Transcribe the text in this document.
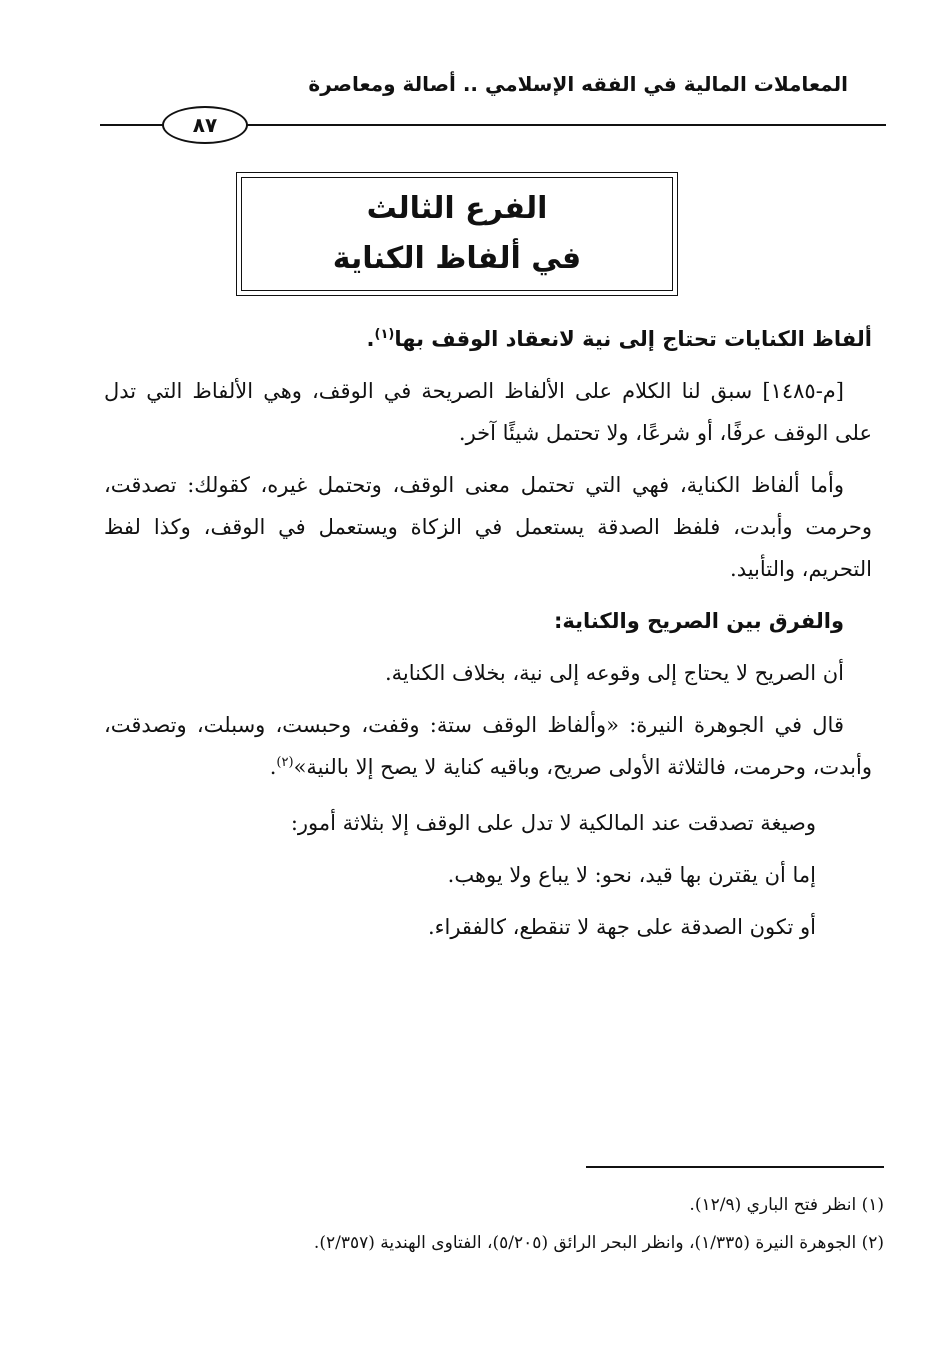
المعاملات المالية في الفقه الإسلامي .. أصالة ومعاصرة
٨٧
الفرع الثالث
في ألفاظ الكناية

ألفاظ الكنايات تحتاج إلى نية لانعقاد الوقف بها$^{(١)}$.

[م-١٤٨٥] سبق لنا الكلام على الألفاظ الصريحة في الوقف، وهي الألفاظ التي تدل على الوقف عرفًا، أو شرعًا، ولا تحتمل شيئًا آخر.

وأما ألفاظ الكناية، فهي التي تحتمل معنى الوقف، وتحتمل غيره، كقولك: تصدقت، وحرمت وأبدت، فلفظ الصدقة يستعمل في الزكاة ويستعمل في الوقف، وكذا لفظ التحريم، والتأبيد.

والفرق بين الصريح والكناية:

أن الصريح لا يحتاج إلى وقوعه إلى نية، بخلاف الكناية.

قال في الجوهرة النيرة: «وألفاظ الوقف ستة: وقفت، وحبست، وسبلت، وتصدقت، وأبدت، وحرمت، فالثلاثة الأولى صريح، وباقيه كناية لا يصح إلا بالنية»$^{(٢)}$.

وصيغة تصدقت عند المالكية لا تدل على الوقف إلا بثلاثة أمور:

إما أن يقترن بها قيد، نحو: لا يباع ولا يوهب.

أو تكون الصدقة على جهة لا تنقطع، كالفقراء.

(١) انظر فتح الباري (١٢/٩).
(٢) الجوهرة النيرة (١/٣٣٥)، وانظر البحر الرائق (٥/٢٠٥)، الفتاوى الهندية (٢/٣٥٧).
